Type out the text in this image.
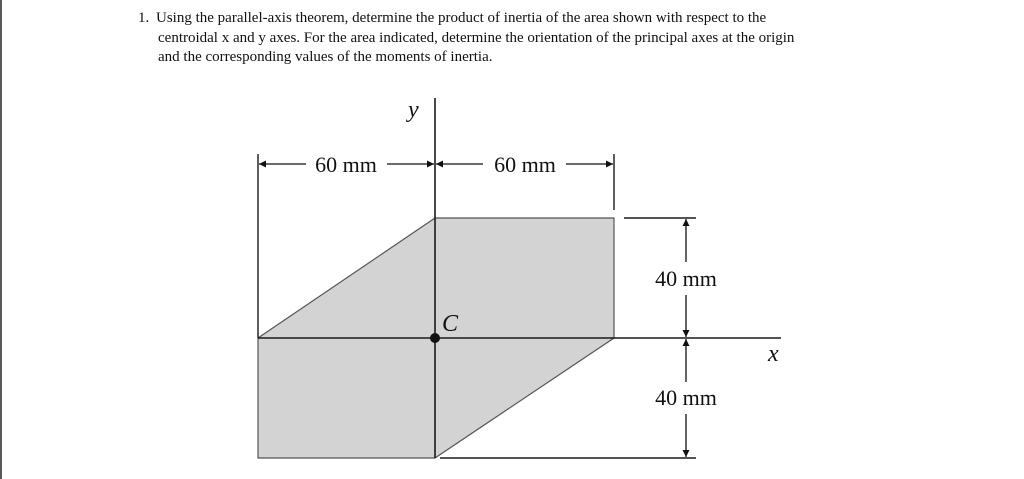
1. Using the parallel-axis theorem, determine the product of inertia of the area shown with respect to the
centroidal x and y axes. For the area indicated, determine the orientation of the principal axes at the origin
and the corresponding values of the moments of inertia.
60 mm	60 mm
40 mm
40 mm
y
x
C
